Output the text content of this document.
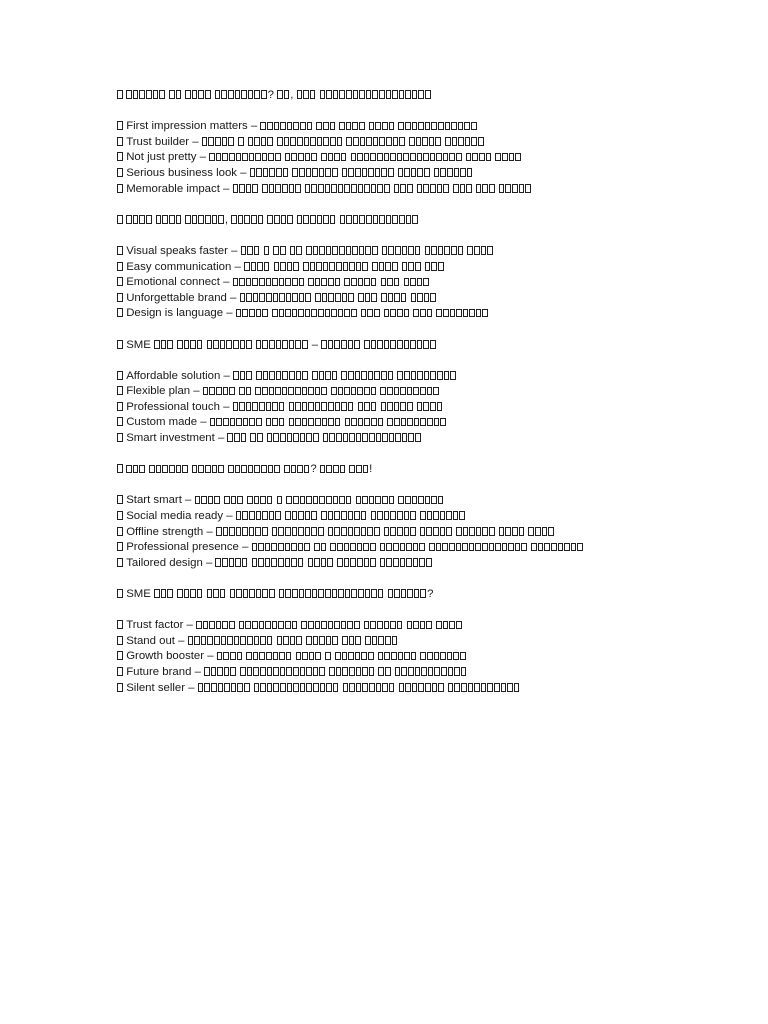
? ,
First impression matters –
Trust builder –
Not just pretty –
Serious business look –
Memorable impact –
,
Visual speaks faster –
Easy communication –
Emotional connect –
Unforgettable brand –
Design is language –
SME	–
Affordable solution –
Flexible plan –
Professional touch –
Custom made –
Smart investment –
?	!
Start smart –
Social media ready –
Offline strength –
Professional presence –
Tailored design –
SME	?
Trust factor –
Stand out –
Growth booster –
Future brand –
Silent seller –
